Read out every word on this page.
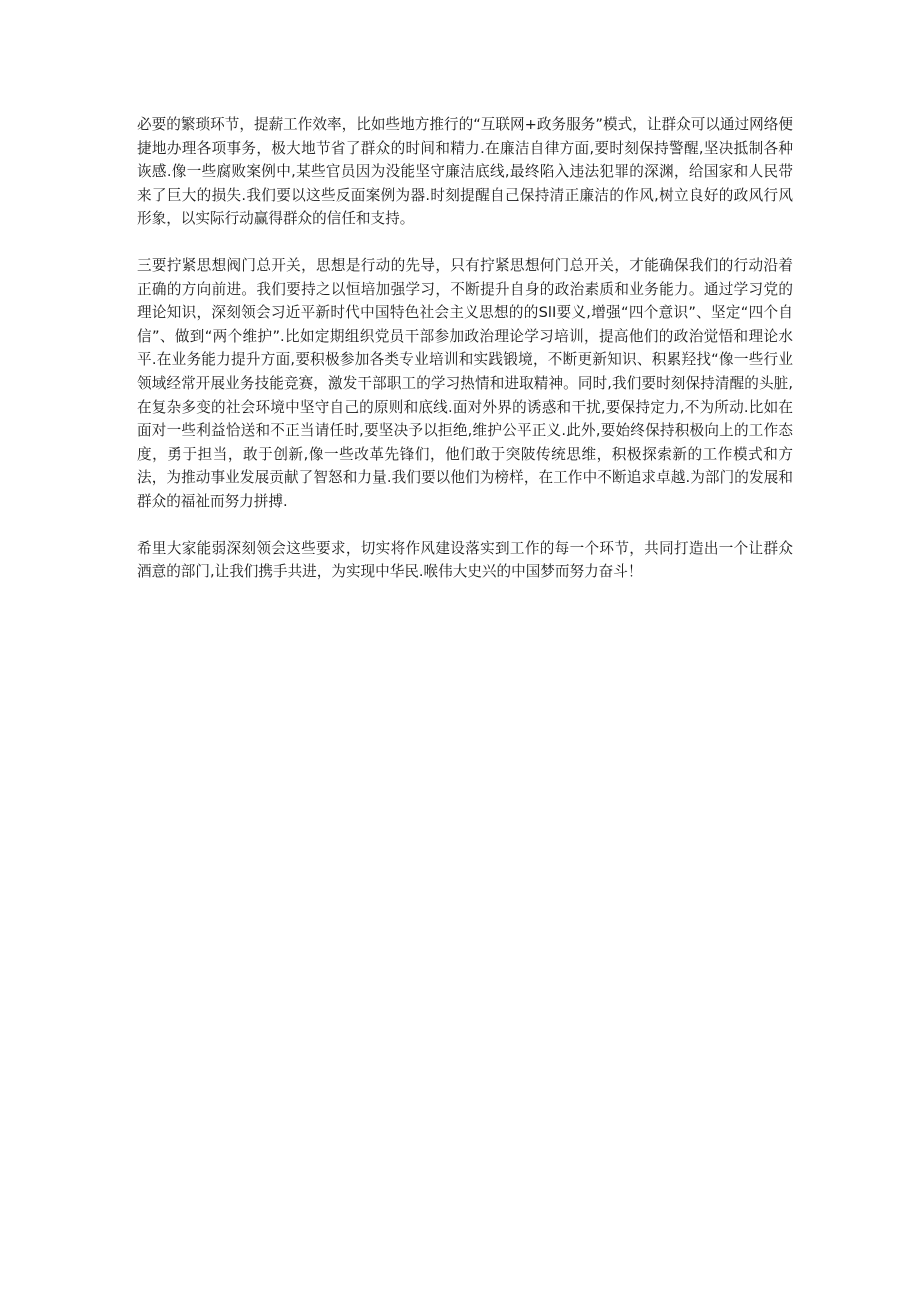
必要的繁琐环节，提薪工作效率，比如些地方推行的“互联网+政务服务”模式，让群众可以通过网络便捷地办理各项事务，极大地节省了群众的时间和精力.在廉洁自律方面,要时刻保持警醒,坚决抵制各种诙感.像一些腐败案例中,某些官员因为没能坚守廉洁底线,最终陷入违法犯罪的深渊，给国家和人民带来了巨大的损失.我们要以这些反面案例为器.时刻提醒自己保持清正廉洁的作风,树立良好的政风行风形象，以实际行动赢得群众的信任和支持。

三要拧紧思想阀门总开关，思想是行动的先导，只有拧紧思想何门总开关，才能确保我们的行动沿着正确的方向前进。我们要持之以恒培加强学习，不断提升自身的政治素质和业务能力。通过学习党的理论知识，深刻领会习近平新时代中国特色社会主义思想的的SlI要义,增强“四个意识”、坚定“四个自信”、做到“两个维护”.比如定期组织党员干部参加政治理论学习培训，提高他们的政治觉悟和理论水平.在业务能力提升方面,要积极参加各类专业培训和实践锻境，不断更新知识、积累羟找“像一些行业领域经常开展业务技能竞赛，激发干部职工的学习热情和进取精神。同时,我们要时刻保持清醒的头脏,在复杂多变的社会环境中坚守自己的原则和底线.面对外界的诱惑和干扰,要保持定力,不为所动.比如在面对一些利益恰送和不正当请任时,要坚决予以拒绝,维护公平正义.此外,要始终保持积极向上的工作态度，勇于担当，敢于创新,像一些改革先锋们，他们敢于突陂传统思维，积极探索新的工作模式和方法，为推动事业发展贡献了智怒和力量.我们要以他们为榜样，在工作中不断追求卓越.为部门的发展和群众的福祉而努力拼搏.

希里大家能弱深刻领会这些要求，切实将作风建设落实到工作的每一个环节，共同打造出一个让群众酒意的部门,让我们携手共进，为实现中华民.喉伟大史兴的中国梦而努力奋斗！
